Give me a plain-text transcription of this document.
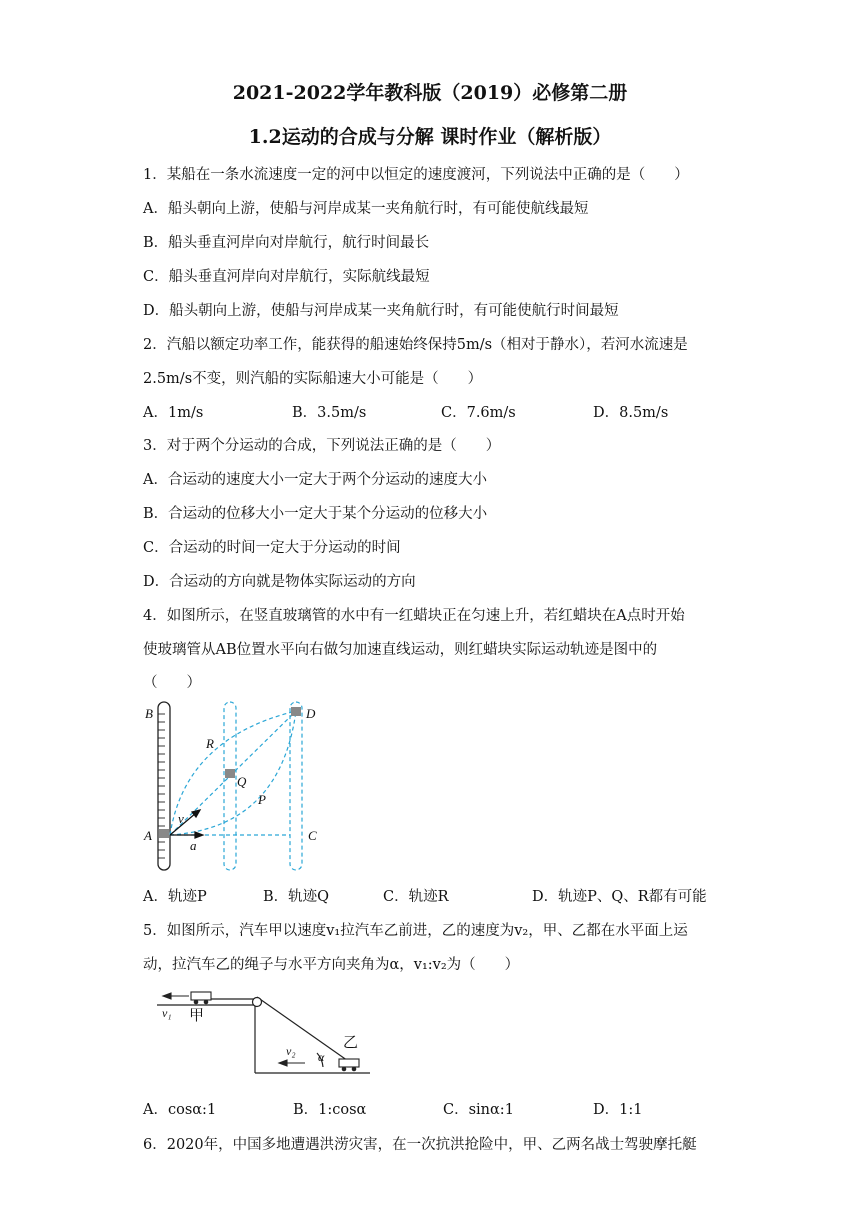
2021-2022学年教科版（2019）必修第二册
1.2运动的合成与分解 课时作业（解析版）
1．某船在一条水流速度一定的河中以恒定的速度渡河，下列说法中正确的是（　　）
A．船头朝向上游，使船与河岸成某一夹角航行时，有可能使航线最短
B．船头垂直河岸向对岸航行，航行时间最长
C．船头垂直河岸向对岸航行，实际航线最短
D．船头朝向上游，使船与河岸成某一夹角航行时，有可能使航行时间最短
2．汽船以额定功率工作，能获得的船速始终保持5m/s（相对于静水），若河水流速是
2.5m/s不变，则汽船的实际船速大小可能是（　　）
A．1m/s	B．3.5m/s	C．7.6m/s	D．8.5m/s
3．对于两个分运动的合成，下列说法正确的是（　　）
A．合运动的速度大小一定大于两个分运动的速度大小
B．合运动的位移大小一定大于某个分运动的位移大小
C．合运动的时间一定大于分运动的时间
D．合运动的方向就是物体实际运动的方向
4．如图所示，在竖直玻璃管的水中有一红蜡块正在匀速上升，若红蜡块在A点时开始
使玻璃管从AB位置水平向右做匀加速直线运动，则红蜡块实际运动轨迹是图中的
（　　）
B	D
R
Q
P
v
A
a
C
A．轨迹P	B．轨迹Q	C．轨迹R	D．轨迹P、Q、R都有可能
5．如图所示，汽车甲以速度v₁拉汽车乙前进，乙的速度为v₂，甲、乙都在水平面上运
动，拉汽车乙的绳子与水平方向夹角为α，v₁:v₂为（　　）
v₁ 甲
乙
v₂ α
A．cosα:1	B．1:cosα	C．sinα:1	D．1:1
6．2020年，中国多地遭遇洪涝灾害，在一次抗洪抢险中，甲、乙两名战士驾驶摩托艇
